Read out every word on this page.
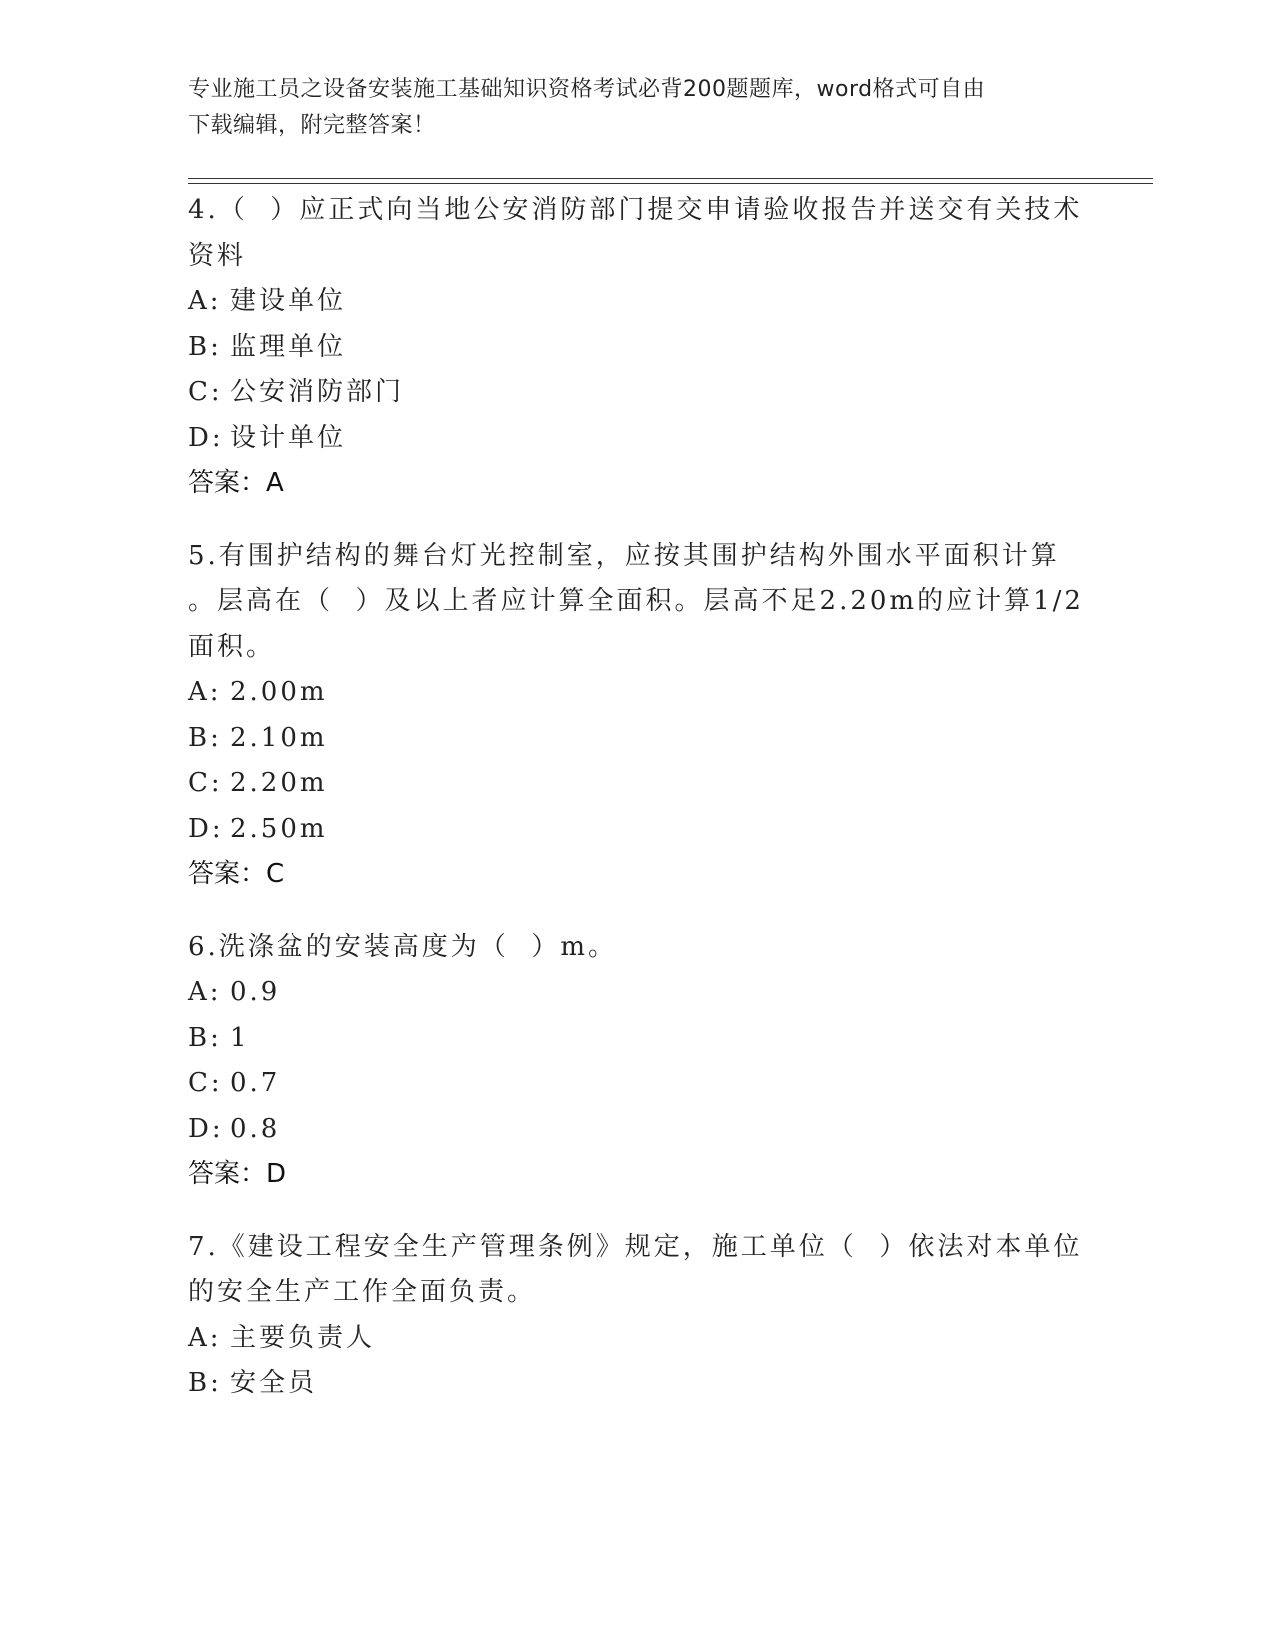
专业施工员之设备安装施工基础知识资格考试必背200题题库，word格式可自由
下载编辑，附完整答案！
4.（  ）应正式向当地公安消防部门提交申请验收报告并送交有关技术
资料
A: 建设单位
B: 监理单位
C: 公安消防部门
D: 设计单位
答案：A
5.有围护结构的舞台灯光控制室，应按其围护结构外围水平面积计算
。层高在（  ）及以上者应计算全面积。层高不足2.20m的应计算1/2
面积。
A: 2.00m
B: 2.10m
C: 2.20m
D: 2.50m
答案：C
6.洗涤盆的安装高度为（  ）m。
A: 0.9
B: 1
C: 0.7
D: 0.8
答案：D
7.《建设工程安全生产管理条例》规定，施工单位（  ）依法对本单位
的安全生产工作全面负责。
A: 主要负责人
B: 安全员
